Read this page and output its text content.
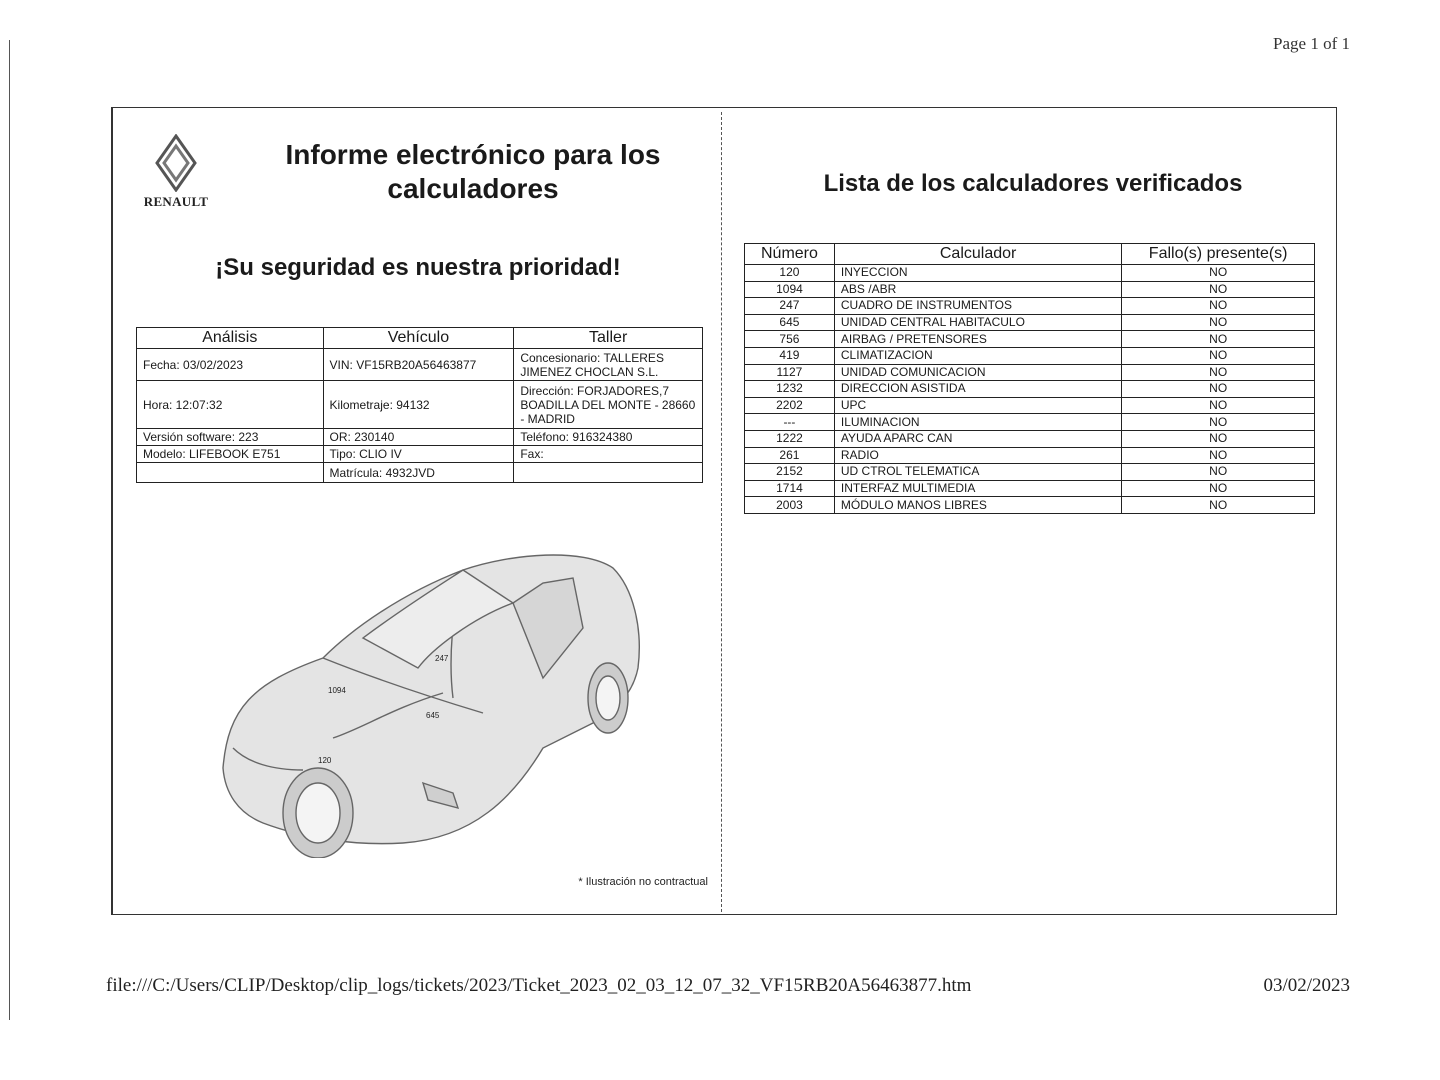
Page 1 of 1
RENAULT
Informe electrónico para los calculadores
¡Su seguridad es nuestra prioridad!
Análisis	Vehículo	Taller
Fecha: 03/02/2023	VIN: VF15RB20A56463877	Concesionario: TALLERES JIMENEZ CHOCLAN S.L.
Hora: 12:07:32	Kilometraje: 94132	Dirección: FORJADORES,7 BOADILLA DEL MONTE - 28660 - MADRID
Versión software: 223	OR: 230140	Teléfono: 916324380
Modelo: LIFEBOOK E751	Tipo: CLIO IV	Fax:
	Matrícula: 4932JVD	
1094
247
645
120
* Ilustración no contractual
Lista de los calculadores verificados
Número	Calculador	Fallo(s) presente(s)
120	INYECCION	NO
1094	ABS /ABR	NO
247	CUADRO DE INSTRUMENTOS	NO
645	UNIDAD CENTRAL HABITACULO	NO
756	AIRBAG / PRETENSORES	NO
419	CLIMATIZACION	NO
1127	UNIDAD COMUNICACION	NO
1232	DIRECCION ASISTIDA	NO
2202	UPC	NO
---	ILUMINACION	NO
1222	AYUDA APARC CAN	NO
261	RADIO	NO
2152	UD CTROL TELEMATICA	NO
1714	INTERFAZ MULTIMEDIA	NO
2003	MÓDULO MANOS LIBRES	NO
file:///C:/Users/CLIP/Desktop/clip_logs/tickets/2023/Ticket_2023_02_03_12_07_32_VF15RB20A56463877.htm	03/02/2023
